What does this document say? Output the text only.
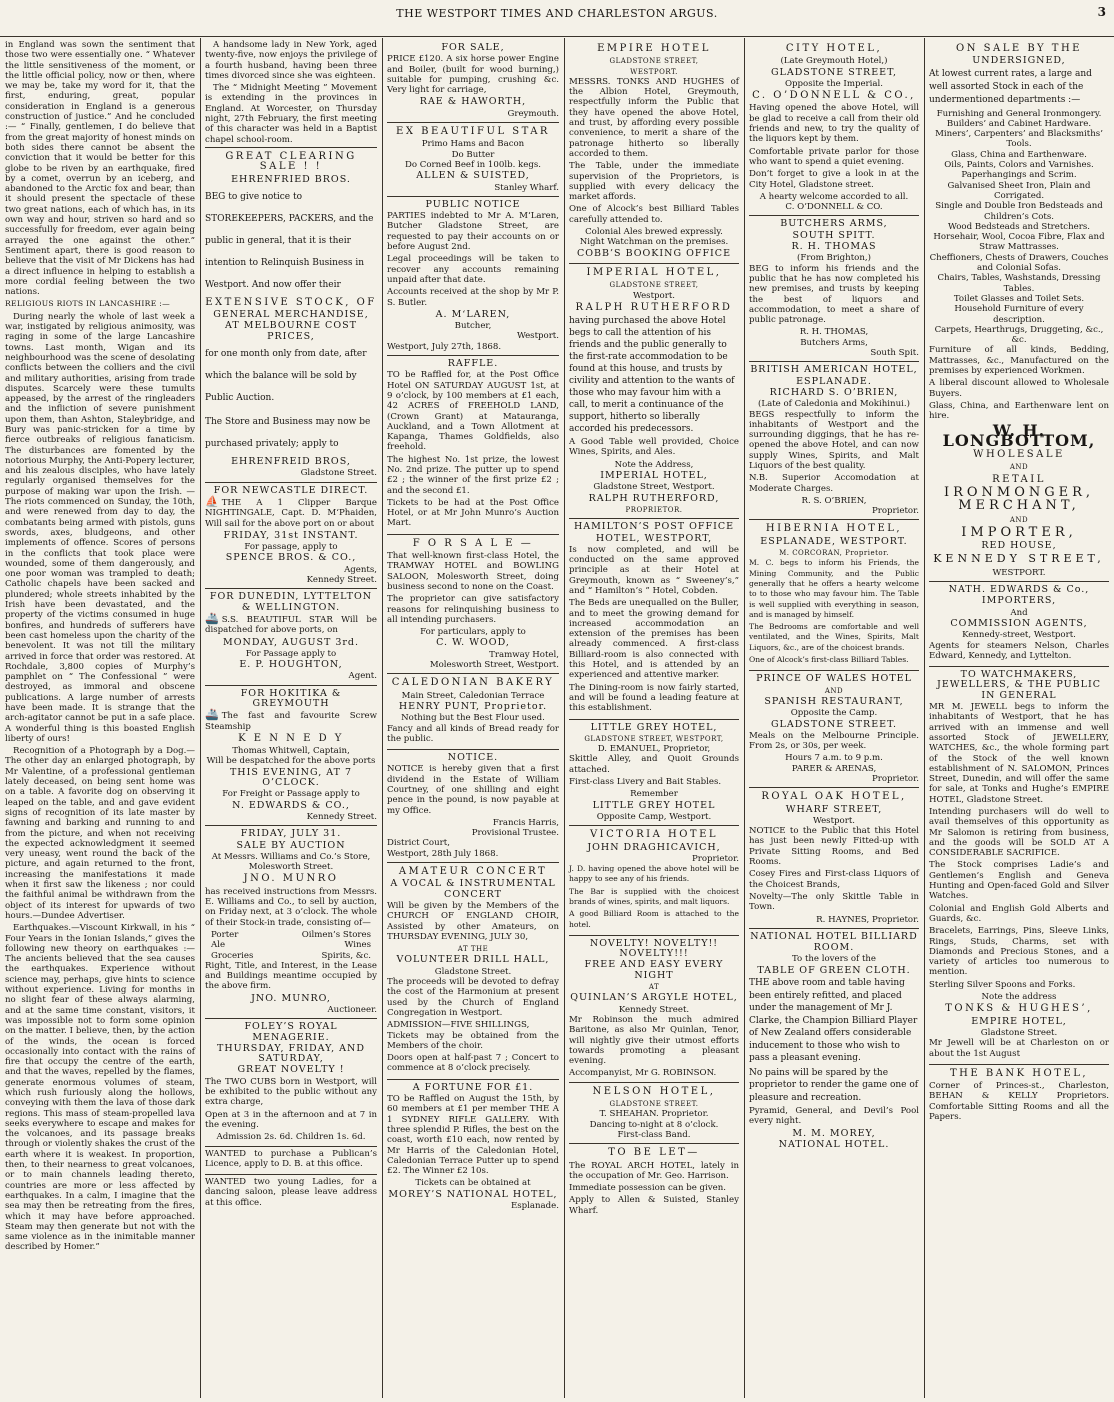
THE WESTPORT TIMES AND CHARLESTON ARGUS.	3

in England was sown the sentiment that those two were essentially one. “ Whatever the little sensitiveness of the moment, or the little official policy, now or then, where we may be, take my word for it, that the first, enduring, great, popular consideration in England is a generous construction of justice.” And he concluded :— “ Finally, gentlemen, I do believe that from the great majority of honest minds on both sides there cannot be absent the conviction that it would be better for this globe to be riven by an earthquake, fired by a comet, overrun by an iceberg, and abandoned to the Arctic fox and bear, than it should present the spectacle of these two great nations, each of which has, in its own way and hour, striven so hard and so successfully for freedom, ever again being arrayed the one against the other.” Sentiment apart, there is good reason to believe that the visit of Mr Dickens has had a direct influence in helping to establish a more cordial feeling between the two nations.

RELIGIOUS RIOTS IN LANCASHIRE :—

During nearly the whole of last week a war, instigated by religious animosity, was raging in some of the large Lancashire towns. Last month, Wigan and its neighbourhood was the scene of desolating conflicts between the colliers and the civil and military authorities, arising from trade disputes. Scarcely were these tumults appeased, by the arrest of the ringleaders and the infliction of severe punishment upon them, than Ashton, Staleybridge, and Bury was panic-stricken for a time by fierce outbreaks of religious fanaticism. The disturbances are fomented by the notorious Murphy, the Anti-Popery lecturer, and his zealous disciples, who have lately regularly organised themselves for the purpose of making war upon the Irish. —The riots commenced on Sunday, the 10th, and were renewed from day to day, the combatants being armed with pistols, guns swords, axes, bludgeons, and other implements of offence. Scores of persons in the conflicts that took place were wounded, some of them dangerously, and one poor woman was trampled to death; Catholic chapels have been sacked and plundered; whole streets inhabited by the Irish have been devastated, and the property of the victims consumed in huge bonfires, and hundreds of sufferers have been cast homeless upon the charity of the benevolent. It was not till the military arrived in force that order was restored. At Rochdale, 3,800 copies of Murphy’s pamphlet on “ The Confessional ” were destroyed, as immoral and obscene publications. A large number of arrests have been made. It is strange that the arch-agitator cannot be put in a safe place. A wonderful thing is this boasted English liberty of ours!

Recognition of a Photograph by a Dog.—The other day an enlarged photograph, by Mr Valentine, of a professional gentleman lately deceased, on being sent home was on a table. A favorite dog on observing it leaped on the table, and and gave evident signs of recognition of its late master by fawning and barking and running to and from the picture, and when not receiving the expected acknowledgment it seemed very uneasy, went round the back of the picture, and again returned to the front, increasing the manifestations it made when it first saw the likeness ; nor could the faithful animal be withdrawn from the object of its interest for upwards of two hours.—Dundee Advertiser.

Earthquakes.—Viscount Kirkwall, in his “ Four Years in the Ionian Islands,” gives the following new theory on earthquakes :—The ancients believed that the sea causes the earthquakes. Experience without science may, perhaps, give hints to science without experience. Living for months in no slight fear of these always alarming, and at the same time constant, visitors, it was impossible not to form some opinion on the matter. I believe, then, by the action of the winds, the ocean is forced occasionally into contact with the rains of fire that occupy the centre of the earth, and that the waves, repelled by the flames, generate enormous volumes of steam, which rush furiously along the hollows, conveying with them the lava of those dark regions. This mass of steam-propelled lava seeks everywhere to escape and makes for the volcanoes, and its passage breaks through or violently shakes the crust of the earth where it is weakest. In proportion, then, to their nearness to great volcanoes, or to main channels leading thereto, countries are more or less affected by earthquakes. In a calm, I imagine that the sea may then be retreating from the fires, which it may have before approached. Steam may then generate but not with the same violence as in the inimitable manner described by Homer.”

A handsome lady in New York, aged twenty-five, now enjoys the privilege of a fourth husband, having been three times divorced since she was eighteen.

The “ Midnight Meeting ” Movement is extending in the provinces in England. At Worcester, on Thursday night, 27th February, the first meeting of this character was held in a Baptist chapel school-room.

GREAT CLEARING SALE ! !
EHRENFRIED BROS.

BEG to give notice to STOREKEEPERS, PACKERS, and the public in general, that it is their intention to Relinquish Business in Westport. And now offer their

EXTENSIVE STOCK, OF
GENERAL MERCHANDISE,
AT MELBOURNE COST PRICES,

for one month only from date, after which the balance will be sold by Public Auction.

The Store and Business may now be purchased privately; apply to

EHRENFREID BROS,
Gladstone Street.
FOR NEWCASTLE DIRECT.

⛵ THE A 1 Clipper Barque NIGHTINGALE, Capt. D. M‘Phaiden, Will sail for the above port on or about

FRIDAY, 31st INSTANT.
For passage, apply to
SPENCE BROS. & CO.,
Agents,
Kennedy Street.
FOR DUNEDIN, LYTTELTON & WELLINGTON.

🚢 S.S. BEAUTIFUL STAR Will be dispatched for above ports, on

MONDAY, AUGUST 3rd.
For Passage apply to
E. P. HOUGHTON,
Agent.
FOR HOKITIKA & GREYMOUTH

🚢 The fast and favourite Screw Steamship

K E N N E D Y
Thomas Whitwell, Captain,
Will be despatched for the above ports
THIS EVENING, AT 7 O’CLOCK.
For Freight or Passage apply to
N. EDWARDS & CO.,
Kennedy Street.
FRIDAY, JULY 31.
SALE BY AUCTION
At Messrs. Williams and Co.’s Store, Molesworth Street.
JNO. MUNRO

has received instructions from Messrs. E. Williams and Co., to sell by auction, on Friday next, at 3 o’clock. The whole of their Stock-in trade, consisting of—

Porter	Oilmen’s Stores
Ale	Wines
Groceries	Spirits, &c.

Right, Title, and Interest, in the Lease and Buildings meantime occupied by the above firm.

JNO. MUNRO,
Auctioneer.
FOLEY’S ROYAL MENAGERIE.
THURSDAY, FRIDAY, AND SATURDAY,
GREAT NOVELTY !

The TWO CUBS born in Westport, will be exhibited to the public without any extra charge,

Open at 3 in the afternoon and at 7 in the evening.

Admission 2s. 6d. Children 1s. 6d.

WANTED to purchase a Publican’s Licence, apply to D. B. at this office.

WANTED two young Ladies, for a dancing saloon, please leave address at this office.

FOR SALE,

PRICE £120. A six horse power Engine and Boiler, (built for wood burning,) suitable for pumping, crushing &c. Very light for carriage,

RAE & HAWORTH,
Greymouth.
EX BEAUTIFUL STAR
Primo Hams and Bacon
Do Butter
Do Corned Beef in 100lb. kegs.
ALLEN & SUISTED,
Stanley Wharf.
PUBLIC NOTICE

PARTIES indebted to Mr A. M‘Laren, Butcher Gladstone Street, are requested to pay their accounts on or before August 2nd.

Legal proceedings will be taken to recover any accounts remaining unpaid after that date.

Accounts received at the shop by Mr P. S. Butler.

A. M‘LAREN,
Butcher,
Westport.
Westport, July 27th, 1868.
RAFFLE.

TO be Raffled for, at the Post Office Hotel ON SATURDAY AUGUST 1st, at 9 o’clock, by 100 members at £1 each, 42 ACRES of FREEHOLD LAND, (Crown Grant) at Matauranga, Auckland, and a Town Allotment at Kapanga, Thames Goldfields, also freehold.

The highest No. 1st prize, the lowest No. 2nd prize. The putter up to spend £2 ; the winner of the first prize £2 ; and the second £1.

Tickets to be had at the Post Office Hotel, or at Mr John Munro’s Auction Mart.

F O R S A L E —

That well-known first-class Hotel, the TRAMWAY HOTEL and BOWLING SALOON, Molesworth Street, doing business second to none on the Coast.

The proprietor can give satisfactory reasons for relinquishing business to all intending purchasers.

For particulars, apply to
C. W. WOOD,
Tramway Hotel,
Molesworth Street, Westport.
CALEDONIAN BAKERY
Main Street, Caledonian Terrace
HENRY PUNT, Proprietor.
Nothing but the Best Flour used.

Fancy and all kinds of Bread ready for the public.

NOTICE.

NOTICE is hereby given that a first dividend in the Estate of William Courtney, of one shilling and eight pence in the pound, is now payable at my Office.

Francis Harris,
Provisional Trustee.
District Court,
Westport, 28th July 1868.
AMATEUR CONCERT
A VOCAL & INSTRUMENTAL CONCERT

Will be given by the Members of the CHURCH OF ENGLAND CHOIR, Assisted by other Amateurs, on THURSDAY EVENING, JULY 30,

AT THE
VOLUNTEER DRILL HALL,
Gladstone Street.

The proceeds will be devoted to defray the cost of the Harmonium at present used by the Church of England Congregation in Westport.

ADMISSION—FIVE SHILLINGS,

Tickets may be obtained from the Members of the choir.

Doors open at half-past 7 ; Concert to commence at 8 o’clock precisely.

A FORTUNE FOR £1.

TO be Raffled on August the 15th, by 60 members at £1 per member THE A 1 SYDNEY RIFLE GALLERY. With three splendid P. Rifles, the best on the coast, worth £10 each, now rented by Mr Harris of the Caledonian Hotel, Caledonian Terrace Putter up to spend £2. The Winner £2 10s.

Tickets can be obtained at
MOREY’S NATIONAL HOTEL,
Esplanade.
EMPIRE HOTEL
GLADSTONE STREET,
WESTPORT.

MESSRS. TONKS AND HUGHES of the Albion Hotel, Greymouth, respectfully inform the Public that they have opened the above Hotel, and trust, by affording every possible convenience, to merit a share of the patronage hitherto so liberally accorded to them.

The Table, under the immediate supervision of the Proprietors, is supplied with every delicacy the market affords.

One of Alcock’s best Billiard Tables carefully attended to.

Colonial Ales brewed expressly.
Night Watchman on the premises.
COBB’S BOOKING OFFICE
IMPERIAL HOTEL,
GLADSTONE STREET,
Westport.
RALPH RUTHERFORD

having purchased the above Hotel begs to call the attention of his friends and the public generally to the first-rate accommodation to be found at this house, and trusts by civility and attention to the wants of those who may favour him with a call, to merit a continuance of the support, hitherto so liberally accorded his predecessors.

A Good Table well provided, Choice Wines, Spirits, and Ales.

Note the Address,
IMPERIAL HOTEL,
Gladstone Street, Westport.
RALPH RUTHERFORD,
PROPRIETOR.
HAMILTON’S POST OFFICE
HOTEL, WESTPORT,

Is now completed, and will be conducted on the same approved principle as at their Hotel at Greymouth, known as “ Sweeney’s,” and “ Hamilton’s ” Hotel, Cobden.

The Beds are unequalled on the Buller, and to meet the growing demand for increased accommodation an extension of the premises has been already commenced. A first-class Billiard-room is also connected with this Hotel, and is attended by an experienced and attentive marker.

The Dining-room is now fairly started, and will be found a leading feature at this establishment.

LITTLE GREY HOTEL,
GLADSTONE STREET, WESTPORT,
D. EMANUEL, Proprietor,

Skittle Alley, and Quoit Grounds attached.

First-class Livery and Bait Stables.

Remember
LITTLE GREY HOTEL
Opposite Camp, Westport.
VICTORIA HOTEL
JOHN DRAGHICAVICH,
Proprietor.

J. D. having opened the above hotel will be happy to see any of his friends.

The Bar is supplied with the choicest brands of wines, spirits, and malt liquors.

A good Billiard Room is attached to the hotel.

NOVELTY! NOVELTY!! NOVELTY!!!
FREE AND EASY EVERY NIGHT
AT
QUINLAN’S ARGYLE HOTEL,
Kennedy Street.

Mr Robinson the much admired Baritone, as also Mr Quinlan, Tenor, will nightly give their utmost efforts towards promoting a pleasant evening.

Accompanyist, Mr G. ROBINSON.
NELSON HOTEL,
GLADSTONE STREET.
T. SHEAHAN. Proprietor.
Dancing to-night at 8 o’clock.
First-class Band.
TO BE LET—

The ROYAL ARCH HOTEL, lately in the occupation of Mr. Geo. Harrison.

Immediate possession can be given.

Apply to Allen & Suisted, Stanley Wharf.

CITY HOTEL,
(Late Greymouth Hotel,)
GLADSTONE STREET,
Opposite the Imperial.
C. O’DONNELL & CO.,

Having opened the above Hotel, will be glad to receive a call from their old friends and new, to try the quality of the liquors kept by them.

Comfortable private parlor for those who want to spend a quiet evening.

Don’t forget to give a look in at the City Hotel, Gladstone street.

A hearty welcome accorded to all.
C. O’DONNELL & CO.
BUTCHERS ARMS,
SOUTH SPITT.
R. H. THOMAS
(From Brighton,)

BEG to inform his friends and the public that he has now completed his new premises, and trusts by keeping the best of liquors and accommodation, to meet a share of public patronage.

R. H. THOMAS,
Butchers Arms,
South Spit.
BRITISH AMERICAN HOTEL,
ESPLANADE.
RICHARD S. O’BRIEN,
(Late of Caledonia and Mokihinui.)

BEGS respectfully to inform the inhabitants of Westport and the surrounding diggings, that he has re-opened the above Hotel, and can now supply Wines, Spirits, and Malt Liquors of the best quality.

N.B. Superior Accomodation at Moderate Charges.

R. S. O’BRIEN,
Proprietor.
HIBERNIA HOTEL,
ESPLANADE, WESTPORT.
M. CORCORAN, Proprietor.

M. C. begs to inform his Friends, the Mining Community, and the Public generally that he offers a hearty welcome to to those who may favour him. The Table is well supplied with everything in season, and is managed by himself.

The Bedrooms are comfortable and well ventilated, and the Wines, Spirits, Malt Liquors, &c., are of the choicest brands.

One of Alcock’s first-class Billiard Tables.

PRINCE OF WALES HOTEL
AND
SPANISH RESTAURANT,
Opposite the Camp.
GLADSTONE STREET.

Meals on the Melbourne Principle. From 2s, or 30s, per week.

Hours 7 a.m. to 9 p.m.
PARER & ARENAS,
Proprietor.
ROYAL OAK HOTEL,
WHARF STREET,
Westport.

NOTICE to the Public that this Hotel has just been newly Fitted-up with Private Sitting Rooms, and Bed Rooms.

Cosey Fires and First-class Liquors of the Choicest Brands,

Novelty—The only Skittle Table in Town.

R. HAYNES, Proprietor.
NATIONAL HOTEL BILLIARD
ROOM.
To the lovers of the
TABLE OF GREEN CLOTH.

THE above room and table having been entirely refitted, and placed under the management of Mr J. Clarke, the Champion Billiard Player of New Zealand offers considerable inducement to those who wish to pass a pleasant evening.

No pains will be spared by the proprietor to render the game one of pleasure and recreation.

Pyramid, General, and Devil’s Pool every night.

M. M. MOREY,
NATIONAL HOTEL.
ON SALE BY THE
UNDERSIGNED,

At lowest current rates, a large and well assorted Stock in each of the undermentioned departments :—

Furnishing and General Ironmongery.
Builders’ and Cabinet Hardware.
Miners’, Carpenters’ and Blacksmiths’ Tools.
Glass, China and Earthenware.
Oils, Paints, Colors and Varnishes.
Paperhangings and Scrim.
Galvanised Sheet Iron, Plain and Corrigated.
Single and Double Iron Bedsteads and Children’s Cots.
Wood Bedsteads and Stretchers.
Horsehair, Wool, Cocoa Fibre, Flax and Straw Mattrasses.
Cheffioners, Chests of Drawers, Couches and Colonial Sofas.
Chairs, Tables, Washstands, Dressing Tables.
Toilet Glasses and Toilet Sets.
Household Furniture of every description.
Carpets, Hearthrugs, Druggeting, &c., &c.

Furniture of all kinds, Bedding, Mattrasses, &c., Manufactured on the premises by experienced Workmen.

A liberal discount allowed to Wholesale Buyers.

Glass, China, and Earthenware lent on hire.

W. H. LONGBOTTOM,
WHOLESALE
AND
RETAIL
IRONMONGER,
MERCHANT,
AND
IMPORTER,
RED HOUSE,
KENNEDY STREET,
WESTPORT.
NATH. EDWARDS & Co.,
IMPORTERS,
And
COMMISSION AGENTS,
Kennedy-street, Westport.

Agents for steamers Nelson, Charles Edward, Kennedy, and Lyttelton.

TO WATCHMAKERS, JEWELLERS, & THE PUBLIC IN GENERAL

MR M. JEWELL begs to inform the inhabitants of Westport, that he has arrived with an immense and well assorted Stock of JEWELLERY, WATCHES, &c., the whole forming part of the Stock of the well known establishment of N. SALOMON, Princes Street, Dunedin, and will offer the same for sale, at Tonks and Hughe’s EMPIRE HOTEL, Gladstone Street.

Intending purchasers will do well to avail themselves of this opportunity as Mr Salomon is retiring from business, and the goods will be SOLD AT A CONSIDERABLE SACRIFICE.

The Stock comprises Ladie’s and Gentlemen’s English and Geneva Hunting and Open-faced Gold and Silver Watches.

Colonial and English Gold Alberts and Guards, &c.

Bracelets, Earrings, Pins, Sleeve Links, Rings, Studs, Charms, set with Diamonds and Precious Stones, and a variety of articles too numerous to mention.

Sterling Silver Spoons and Forks.

Note the address
TONKS & HUGHES’,
EMPIRE HOTEL,
Gladstone Street.

Mr Jewell will be at Charleston on or about the 1st August

THE BANK HOTEL,

Corner of Princes-st., Charleston, BEHAN & KELLY Proprietors. Comfortable Sitting Rooms and all the Papers.
